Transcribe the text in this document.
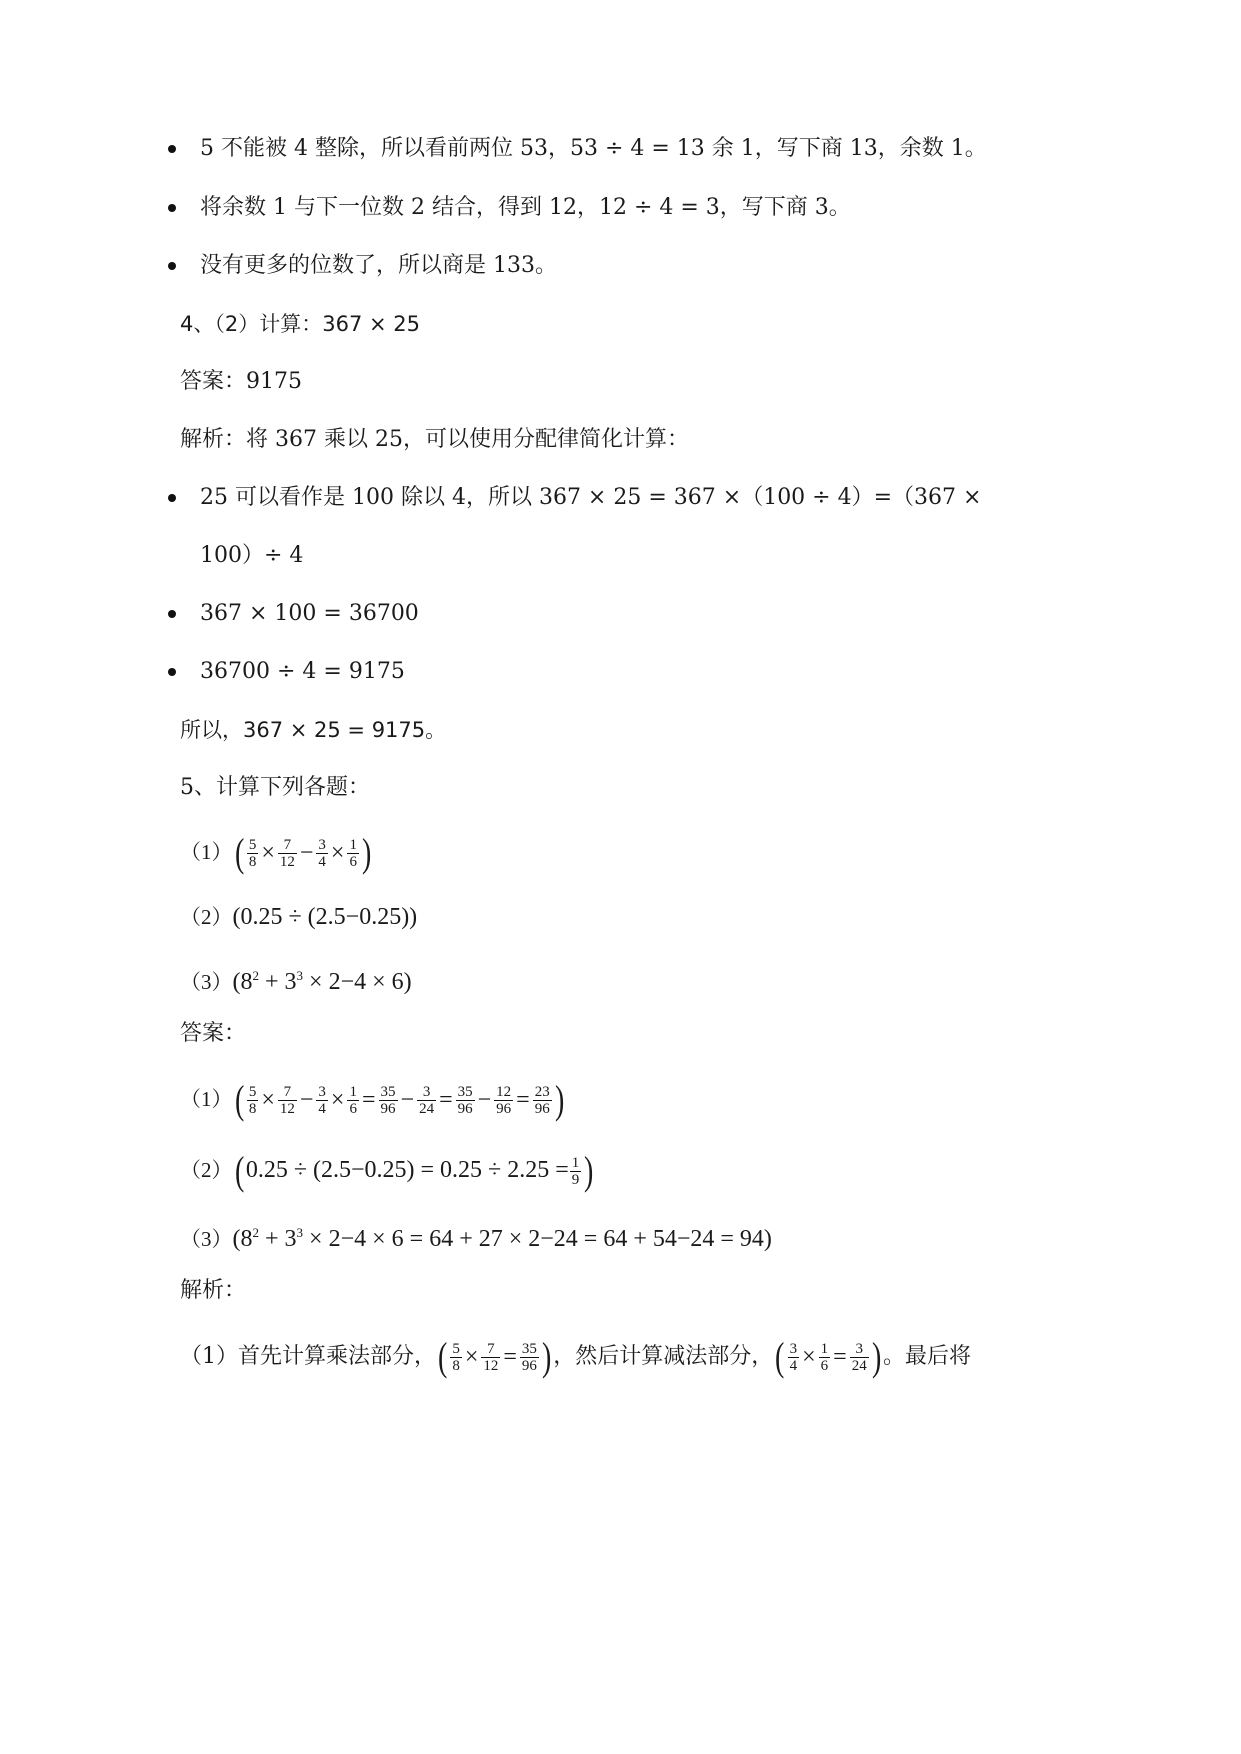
5 不能被 4 整除，所以看前两位 53，53 ÷ 4 = 13 余 1，写下商 13，余数 1。
将余数 1 与下一位数 2 结合，得到 12，12 ÷ 4 = 3，写下商 3。
没有更多的位数了，所以商是 133。
4、（2）计算：367 × 25
答案：9175
解析：将 367 乘以 25，可以使用分配律简化计算：
25 可以看作是 100 除以 4，所以 367 × 25 = 367 ×（100 ÷ 4）=（367 ×
100）÷ 4
367 × 100 = 36700
36700 ÷ 4 = 9175
所以，367 × 25 = 9175。
5、计算下列各题：
$(1)( \frac{5}{8} \times \frac{7}{12} - \frac{3}{4} \times \frac{1}{6}$ )
（2）(0.25 ÷ (2.5−0.25))
$(3)(8^2 + 3^3 \times 2-4 \times 6)$
答案：
$(1)( \frac{5}{8} \times \frac{7}{12} - \frac{3}{4} \times \frac{1}{6} = \frac{35}{96} - \frac{3}{24} = \frac{35}{96} - \frac{12}{96} = \frac{23}{96}$ )
$(2)(0.25 \div (2.5-0.25) = 0.25 \div 2.25 = \frac{1}{9}$ )
$(3)(8^2 + 3^3 \times 2-4 \times 6 = 64 + 27 \times 2-24 = 64 + 54-24 = 94)$
解析：
（1）首先计算乘法部分，( $\frac{5}{8} \times \frac{7}{12} = \frac{35}{96}$ )，然后计算减法部分，( $\frac{3}{4} \times \frac{1}{6} = \frac{3}{24}$ )。最后将
